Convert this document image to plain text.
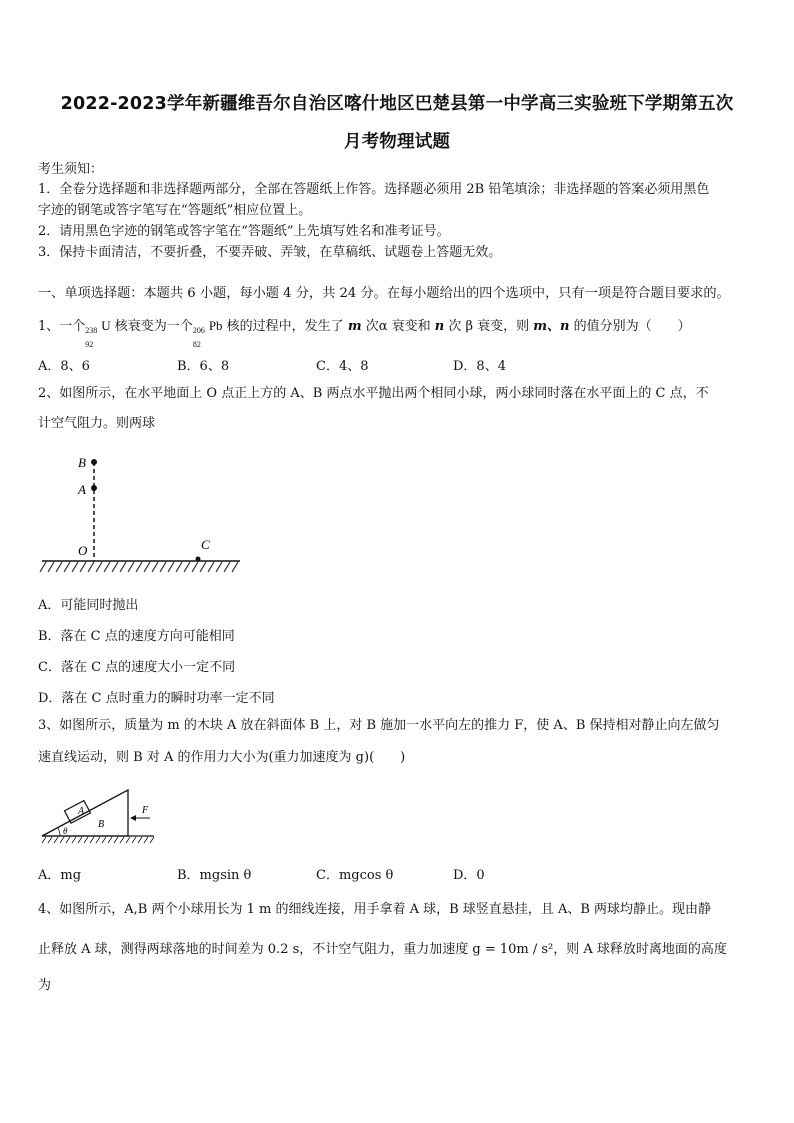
2022-2023学年新疆维吾尔自治区喀什地区巴楚县第一中学高三实验班下学期第五次
月考物理试题
考生须知：
1．全卷分选择题和非选择题两部分，全部在答题纸上作答。选择题必须用 2B 铅笔填涂；非选择题的答案必须用黑色
字迹的钢笔或答字笔写在“答题纸”相应位置上。
2．请用黑色字迹的钢笔或答字笔在“答题纸”上先填写姓名和准考证号。
3．保持卡面清洁，不要折叠，不要弄破、弄皱，在草稿纸、试题卷上答题无效。
一、单项选择题：本题共 6 小题，每小题 4 分，共 24 分。在每小题给出的四个选项中，只有一项是符合题目要求的。
1、一个 238
92
U 核衰变为一个 206
82
Pb 核的过程中，发生了 m 次α 衰变和 n 次 β 衰变，则 m、n 的值分别为（　　）
A．8、6	B．6、8	C．4、8	D．8、4
2、如图所示，在水平地面上 O 点正上方的 A、B 两点水平抛出两个相同小球，两小球同时落在水平面上的 C 点，不
计空气阻力。则两球
B
A
O	C
A．可能同时抛出
B．落在 C 点的速度方向可能相同
C．落在 C 点的速度大小一定不同
D．落在 C 点时重力的瞬时功率一定不同
3、如图所示，质量为 m 的木块 A 放在斜面体 B 上，对 B 施加一水平向左的推力 F，使 A、B 保持相对静止向左做匀
速直线运动，则 B 对 A 的作用力大小为(重力加速度为 g)(　　)
A
B
θ
F
A．mg	B．mgsin θ	C．mgcos θ	D．0
4、如图所示，A,B 两个小球用长为 1 m 的细线连接，用手拿着 A 球，B 球竖直悬挂，且 A、B 两球均静止。现由静
止释放 A 球，测得两球落地的时间差为 0.2 s，不计空气阻力，重力加速度 g = 10m / s²，则 A 球释放时离地面的高度
为
